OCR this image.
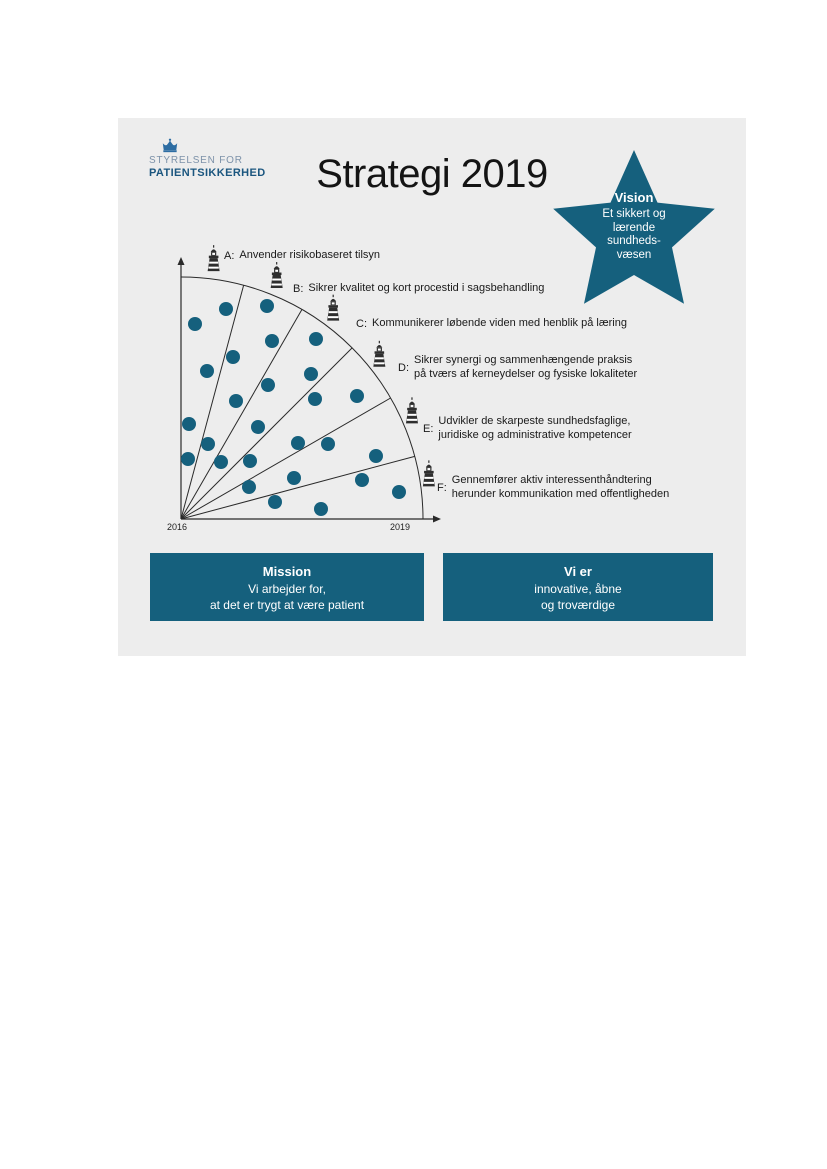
STYRELSEN FOR
PATIENTSIKKERHED	Strategi 2019
Vision
Et sikkert og
lærende
sundheds-
væsen
A: Anvender risikobaseret tilsyn
B: Sikrer kvalitet og kort procestid i sagsbehandling
C: Kommunikerer løbende viden med henblik på læring
D:
Sikrer synergi og sammenhængende praksis
på tværs af kerneydelser og fysiske lokaliteter
E:
Udvikler de skarpeste sundhedsfaglige,
juridiske og administrative kompetencer
F:
Gennemfører aktiv interessenthåndtering
herunder kommunikation med offentligheden
2016	2019
Mission
Vi arbejder for,
at det er trygt at være patient
Vi er
innovative, åbne
og troværdige
